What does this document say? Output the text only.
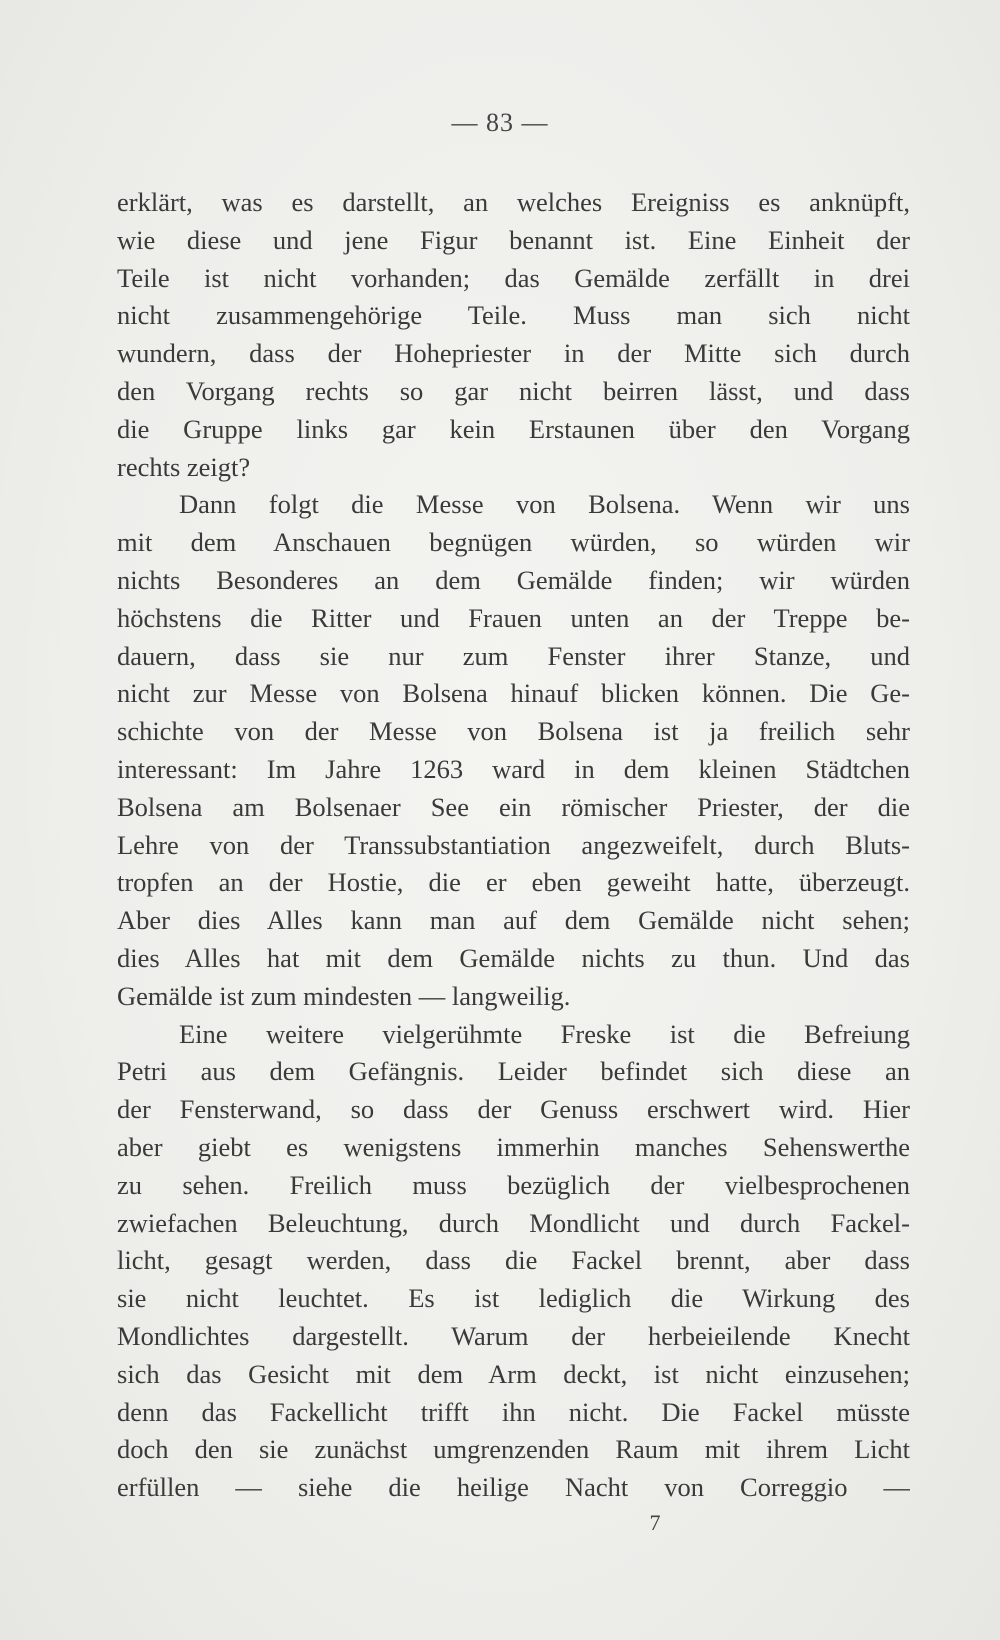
— 83 —
erklärt, was es darstellt, an welches Ereigniss es anknüpft,
wie diese und jene Figur benannt ist. Eine Einheit der
Teile ist nicht vorhanden; das Gemälde zerfällt in drei
nicht zusammengehörige Teile. Muss man sich nicht
wundern, dass der Hohepriester in der Mitte sich durch
den Vorgang rechts so gar nicht beirren lässt, und dass
die Gruppe links gar kein Erstaunen über den Vorgang
rechts zeigt?
Dann folgt die Messe von Bolsena. Wenn wir uns
mit dem Anschauen begnügen würden, so würden wir
nichts Besonderes an dem Gemälde finden; wir würden
höchstens die Ritter und Frauen unten an der Treppe be-
dauern, dass sie nur zum Fenster ihrer Stanze, und
nicht zur Messe von Bolsena hinauf blicken können. Die Ge-
schichte von der Messe von Bolsena ist ja freilich sehr
interessant: Im Jahre 1263 ward in dem kleinen Städtchen
Bolsena am Bolsenaer See ein römischer Priester, der die
Lehre von der Transsubstantiation angezweifelt, durch Bluts-
tropfen an der Hostie, die er eben geweiht hatte, überzeugt.
Aber dies Alles kann man auf dem Gemälde nicht sehen;
dies Alles hat mit dem Gemälde nichts zu thun. Und das
Gemälde ist zum mindesten — langweilig.
Eine weitere vielgerühmte Freske ist die Befreiung
Petri aus dem Gefängnis. Leider befindet sich diese an
der Fensterwand, so dass der Genuss erschwert wird. Hier
aber giebt es wenigstens immerhin manches Sehenswerthe
zu sehen. Freilich muss bezüglich der vielbesprochenen
zwiefachen Beleuchtung, durch Mondlicht und durch Fackel-
licht, gesagt werden, dass die Fackel brennt, aber dass
sie nicht leuchtet. Es ist lediglich die Wirkung des
Mondlichtes dargestellt. Warum der herbeieilende Knecht
sich das Gesicht mit dem Arm deckt, ist nicht einzusehen;
denn das Fackellicht trifft ihn nicht. Die Fackel müsste
doch den sie zunächst umgrenzenden Raum mit ihrem Licht
erfüllen — siehe die heilige Nacht von Correggio —
7
